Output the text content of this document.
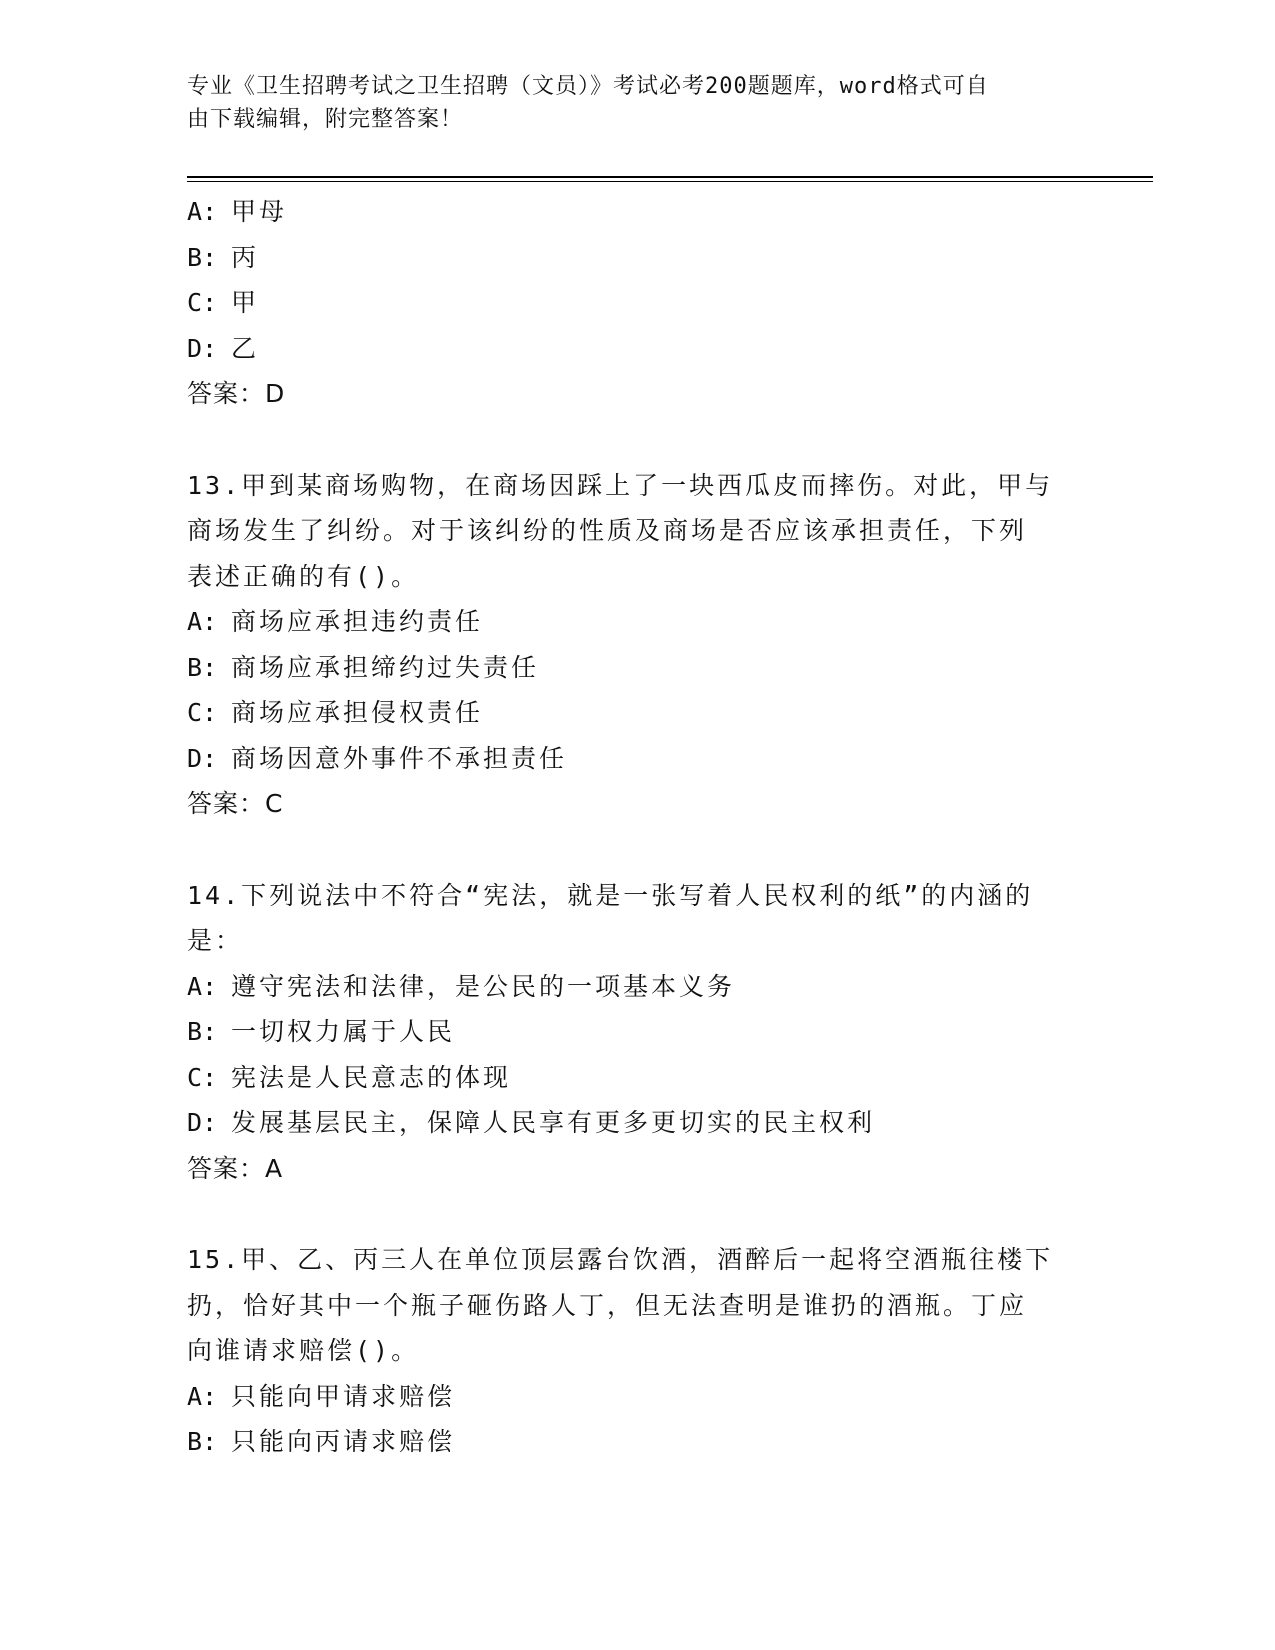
专业《卫生招聘考试之卫生招聘（文员）》考试必考200题题库，word格式可自
由下载编辑，附完整答案！
A: 甲母
B: 丙
C: 甲
D: 乙
答案：D
13.甲到某商场购物，在商场因踩上了一块西瓜皮而摔伤。对此，甲与
商场发生了纠纷。对于该纠纷的性质及商场是否应该承担责任，下列
表述正确的有()。
A: 商场应承担违约责任
B: 商场应承担缔约过失责任
C: 商场应承担侵权责任
D: 商场因意外事件不承担责任
答案：C
14.下列说法中不符合“宪法，就是一张写着人民权利的纸”的内涵的
是：
A: 遵守宪法和法律，是公民的一项基本义务
B: 一切权力属于人民
C: 宪法是人民意志的体现
D: 发展基层民主，保障人民享有更多更切实的民主权利
答案：A
15.甲、乙、丙三人在单位顶层露台饮酒，酒醉后一起将空酒瓶往楼下
扔，恰好其中一个瓶子砸伤路人丁，但无法查明是谁扔的酒瓶。丁应
向谁请求赔偿()。
A: 只能向甲请求赔偿
B: 只能向丙请求赔偿
